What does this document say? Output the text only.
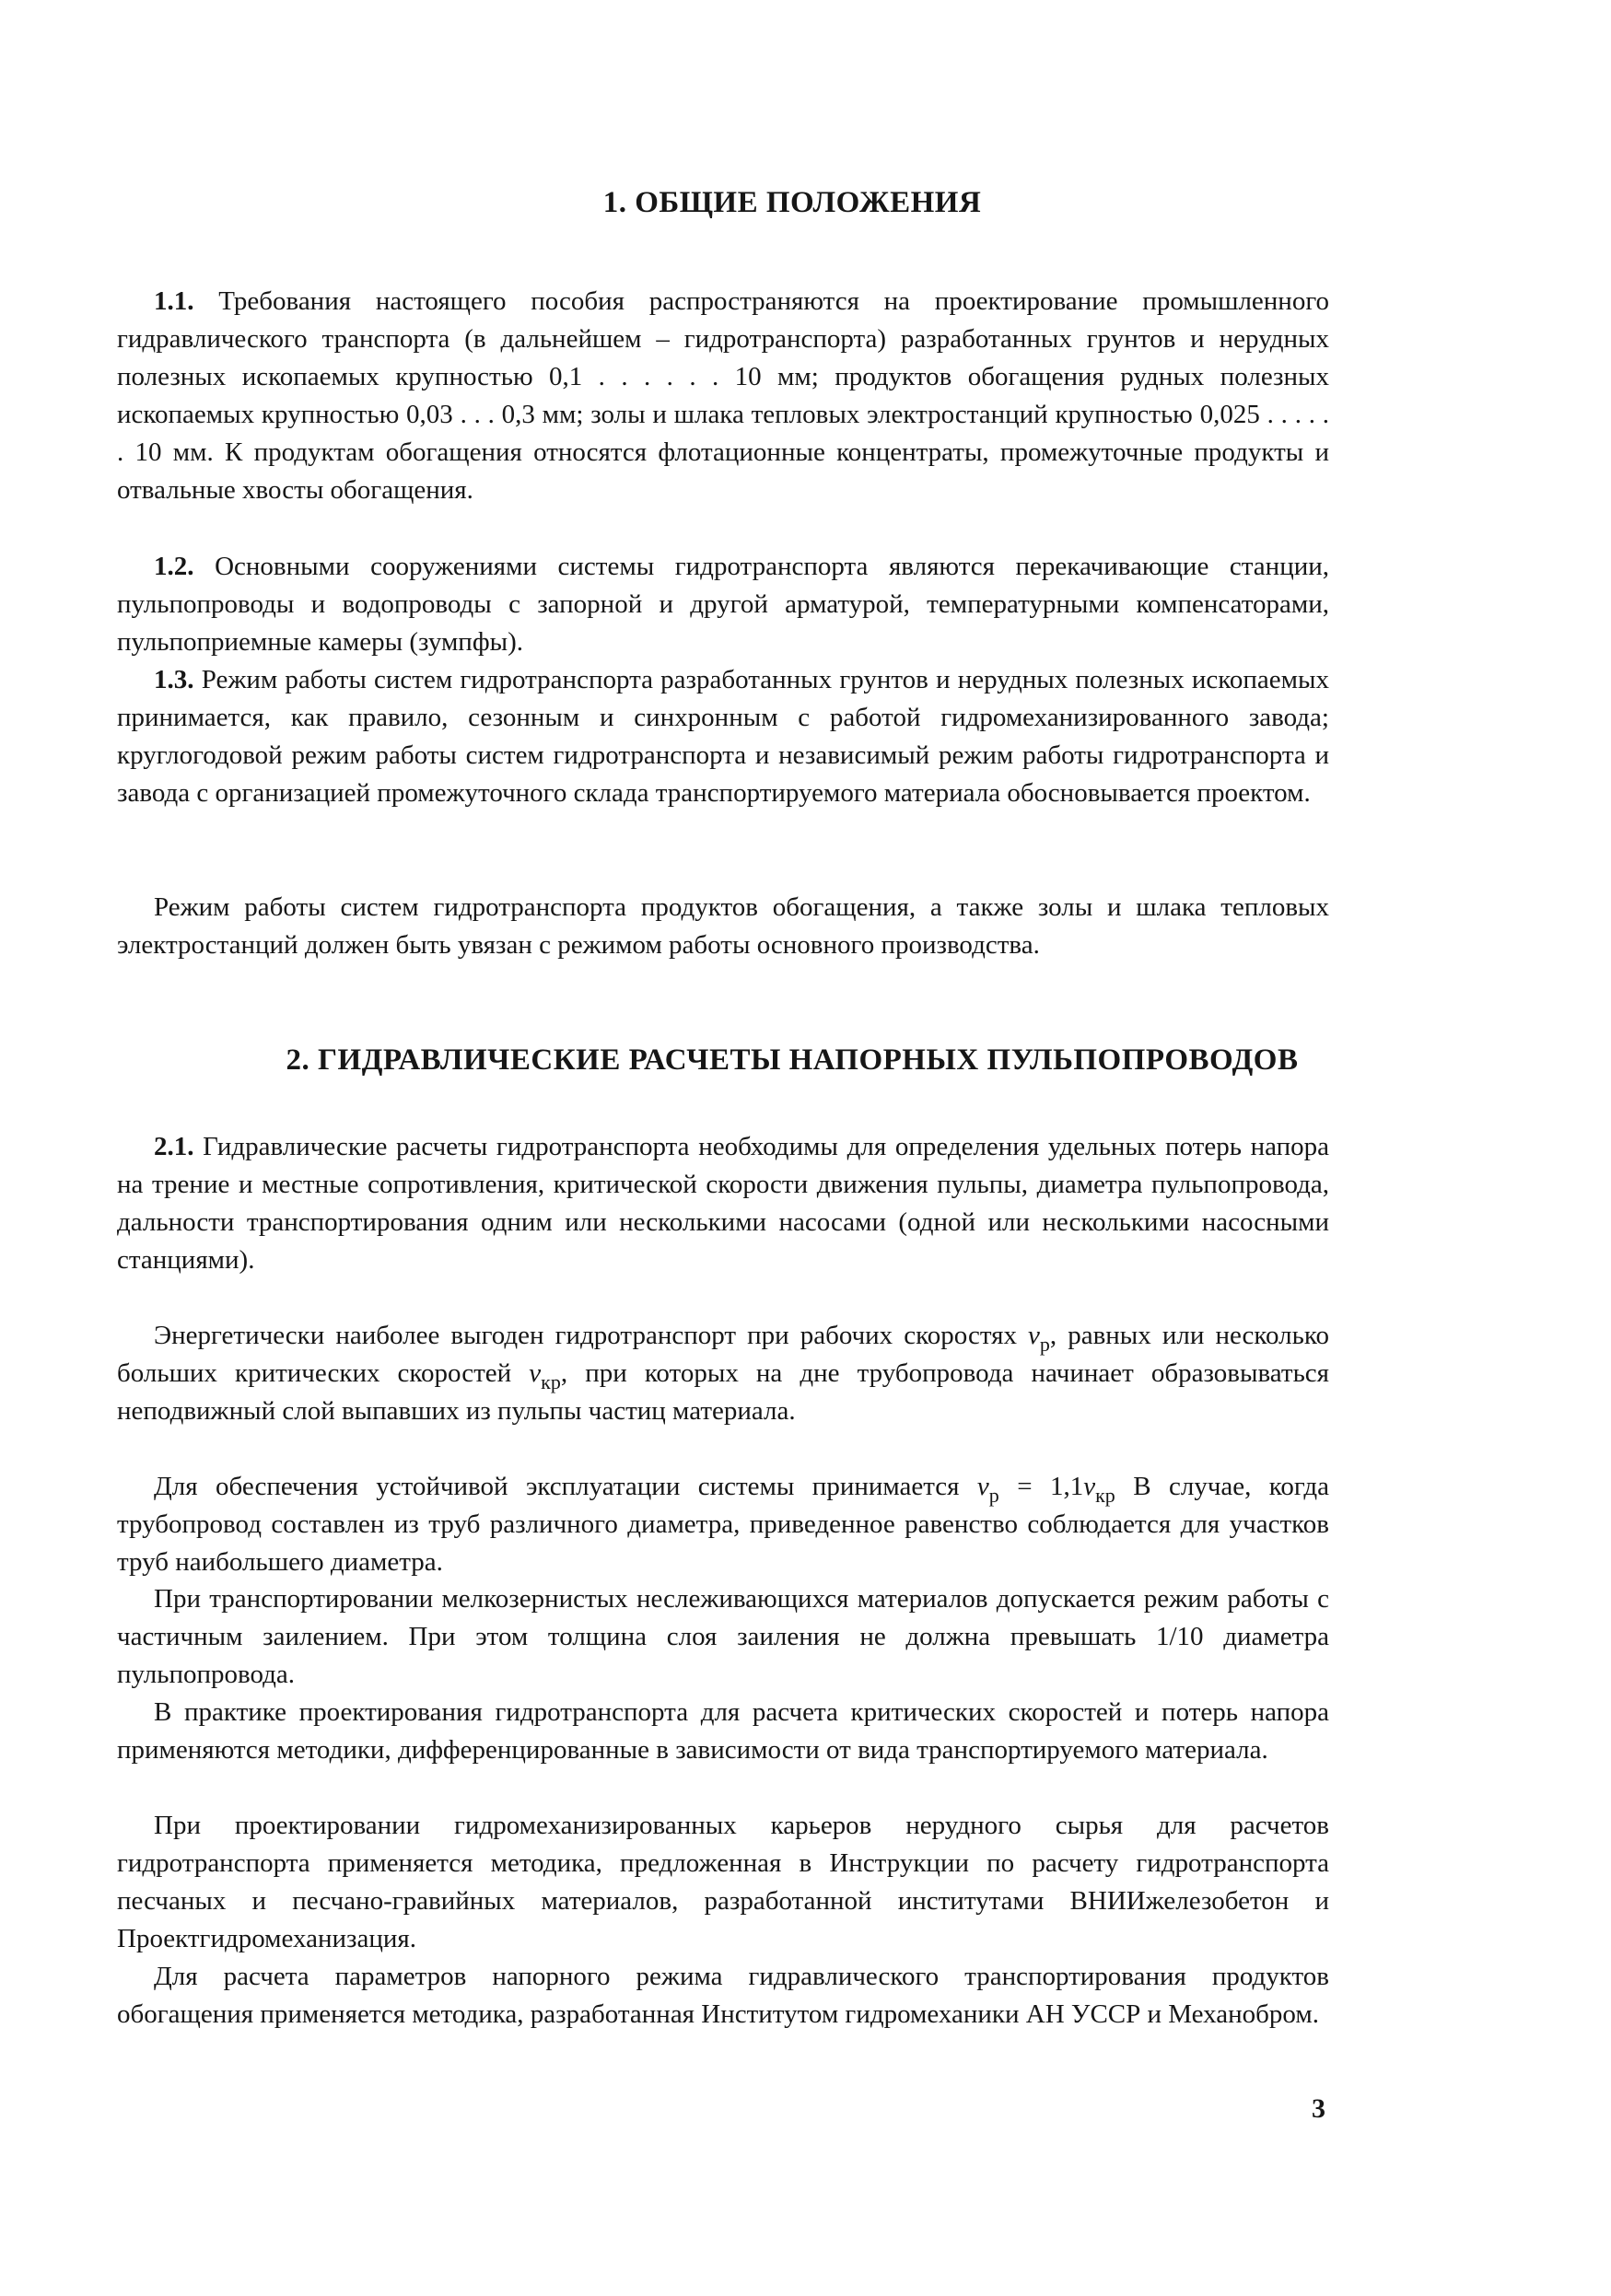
1. ОБЩИЕ ПОЛОЖЕНИЯ

1.1. Требования настоящего пособия распространяются на проектирование промышленного гидравлического транспорта (в дальнейшем – гидротранспорта) разработанных грунтов и нерудных полезных ископаемых крупностью 0,1 . . . . . . 10 мм; продуктов обогащения рудных полезных ископаемых крупностью 0,03 . . . 0,3 мм; золы и шлака тепловых электростанций крупностью 0,025 . . . . . . 10 мм. К продуктам обогащения относятся флотационные концентраты, промежуточные продукты и отвальные хвосты обогащения.

1.2. Основными сооружениями системы гидротранспорта являются перекачивающие станции, пульпопроводы и водопроводы с запорной и другой арматурой, температурными компенсаторами, пульпоприемные камеры (зумпфы).

1.3. Режим работы систем гидротранспорта разработанных грунтов и нерудных полезных ископаемых принимается, как правило, сезонным и синхронным с работой гидромеханизированного завода; круглогодовой режим работы систем гидротранспорта и независимый режим работы гидротранспорта и завода с организацией промежуточного склада транспортируемого материала обосновывается проектом.

Режим работы систем гидротранспорта продуктов обогащения, а также золы и шлака тепловых электростанций должен быть увязан с режимом работы основного производства.

2. ГИДРАВЛИЧЕСКИЕ РАСЧЕТЫ НАПОРНЫХ ПУЛЬПОПРОВОДОВ

2.1. Гидравлические расчеты гидротранспорта необходимы для определения удельных потерь напора на трение и местные сопротивления, критической скорости движения пульпы, диаметра пульпопровода, дальности транспортирования одним или несколькими насосами (одной или несколькими насосными станциями).

Энергетически наиболее выгоден гидротранспорт при рабочих скоростях $v_р$, равных или несколько больших критических скоростей $v_{кр}$, при которых на дне трубопровода начинает образовываться неподвижный слой выпавших из пульпы частиц материала.

Для обеспечения устойчивой эксплуатации системы принимается $v_р = 1,1v_{кр}$ В случае, когда трубопровод составлен из труб различного диаметра, приведенное равенство соблюдается для участков труб наибольшего диаметра.

При транспортировании мелкозернистых неслеживающихся материалов допускается режим работы с частичным заилением. При этом толщина слоя заиления не должна превышать 1/10 диаметра пульпопровода.

В практике проектирования гидротранспорта для расчета критических скоростей и потерь напора применяются методики, дифференцированные в зависимости от вида транспортируемого материала.

При проектировании гидромеханизированных карьеров нерудного сырья для расчетов гидротранспорта применяется методика, предложенная в Инструкции по расчету гидротранспорта песчаных и песчано-гравийных материалов, разработанной институтами ВНИИжелезобетон и Проектгидромеханизация.

Для расчета параметров напорного режима гидравлического транспортирования продуктов обогащения применяется методика, разработанная Институтом гидромеханики АН УССР и Механобром.

3
